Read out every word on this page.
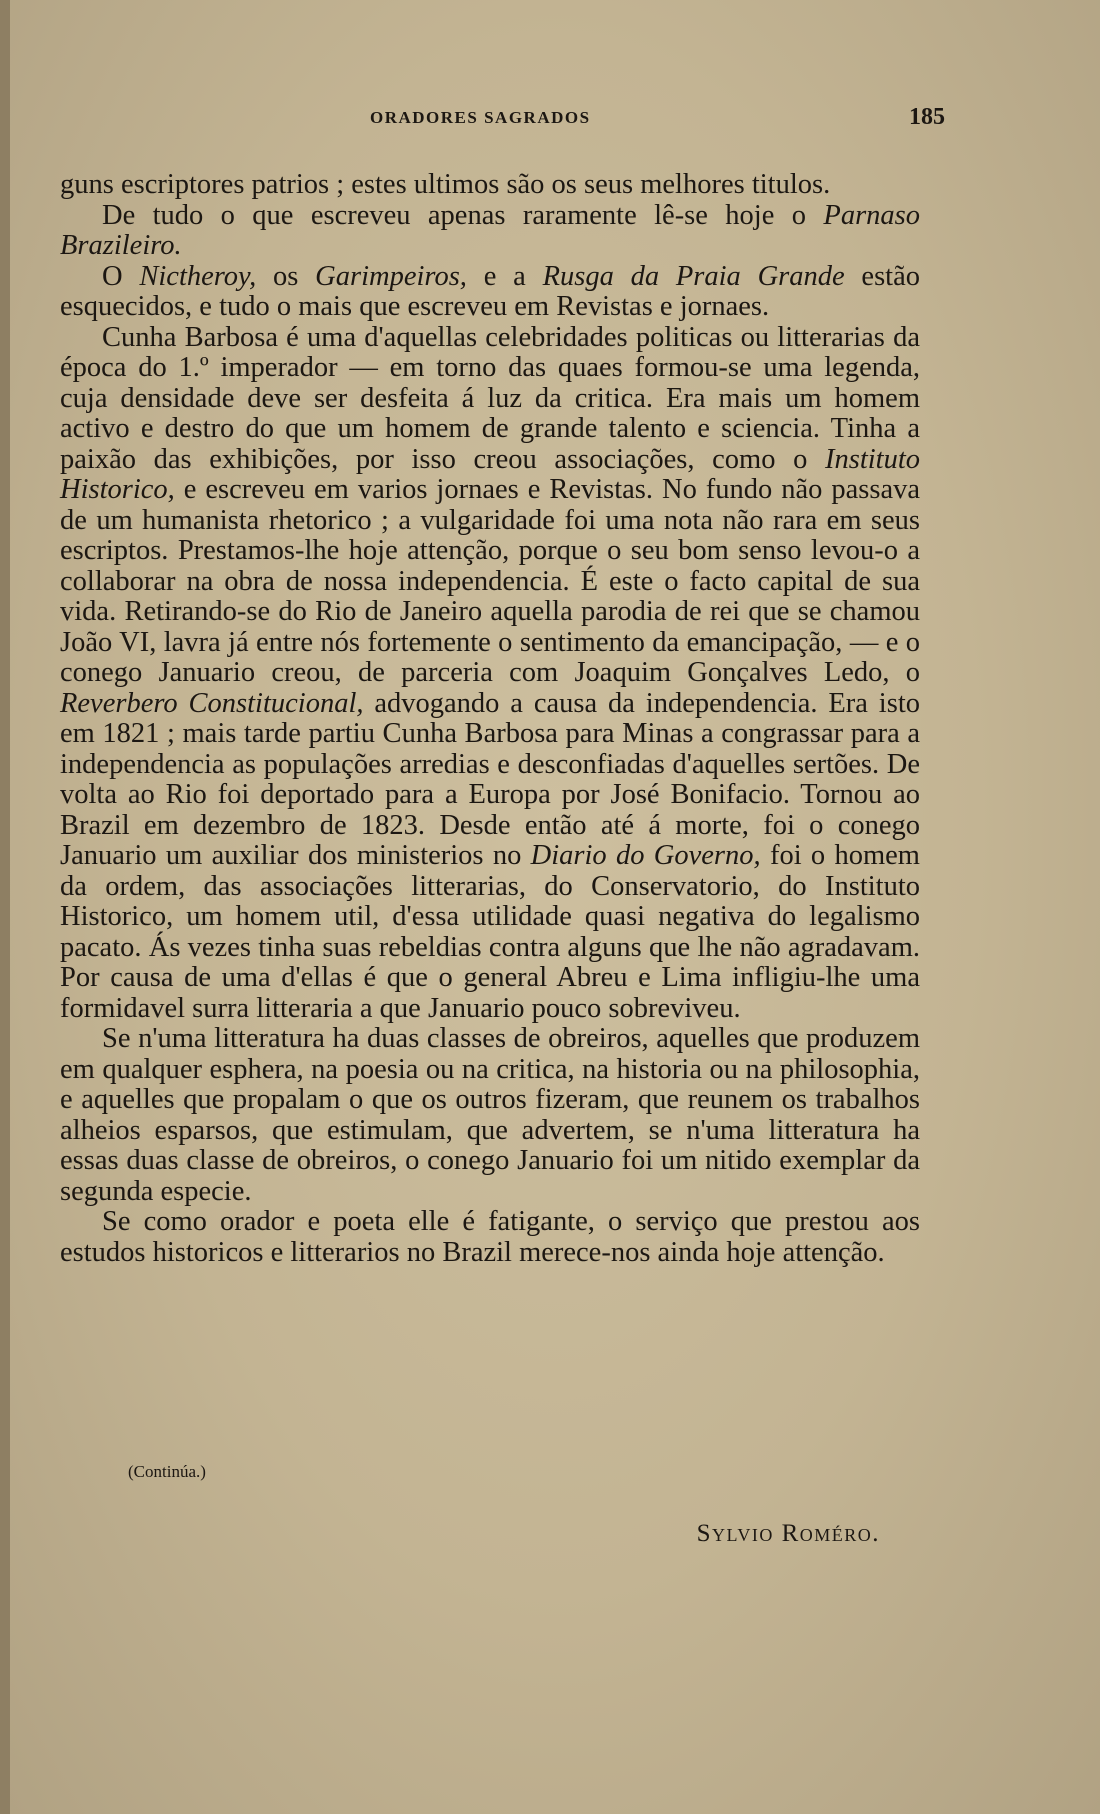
ORADORES SAGRADOS	185

guns escriptores patrios ; estes ultimos são os seus melhores titulos.

De tudo o que escreveu apenas raramente lê-se hoje o Parnaso Brazileiro.

O Nictheroy, os Garimpeiros, e a Rusga da Praia Grande estão esquecidos, e tudo o mais que escreveu em Revistas e jornaes.

Cunha Barbosa é uma d'aquellas celebridades politicas ou litterarias da época do 1.º imperador — em torno das quaes formou-se uma legenda, cuja densidade deve ser desfeita á luz da critica. Era mais um homem activo e destro do que um homem de grande talento e sciencia. Tinha a paixão das exhibições, por isso creou associações, como o Instituto Historico, e escreveu em varios jornaes e Revistas. No fundo não passava de um humanista rhetorico ; a vulgaridade foi uma nota não rara em seus escriptos. Prestamos-lhe hoje attenção, porque o seu bom senso levou-o a collaborar na obra de nossa independencia. É este o facto capital de sua vida. Retirando-se do Rio de Janeiro aquella parodia de rei que se chamou João VI, lavra já entre nós fortemente o sentimento da emancipação, — e o conego Januario creou, de parceria com Joaquim Gonçalves Ledo, o Reverbero Constitucional, advogando a causa da independencia. Era isto em 1821 ; mais tarde partiu Cunha Barbosa para Minas a congrassar para a independencia as populações arredias e desconfiadas d'aquelles sertões. De volta ao Rio foi deportado para a Europa por José Bonifacio. Tornou ao Brazil em dezembro de 1823. Desde então até á morte, foi o conego Januario um auxiliar dos ministerios no Diario do Governo, foi o homem da ordem, das associações litterarias, do Conservatorio, do Instituto Historico, um homem util, d'essa utilidade quasi negativa do legalismo pacato. Ás vezes tinha suas rebeldias contra alguns que lhe não agradavam. Por causa de uma d'ellas é que o general Abreu e Lima infligiu-lhe uma formidavel surra litteraria a que Januario pouco sobreviveu.

Se n'uma litteratura ha duas classes de obreiros, aquelles que produzem em qualquer esphera, na poesia ou na critica, na historia ou na philosophia, e aquelles que propalam o que os outros fizeram, que reunem os trabalhos alheios esparsos, que estimulam, que advertem, se n'uma litteratura ha essas duas classe de obreiros, o conego Januario foi um nitido exemplar da segunda especie.

Se como orador e poeta elle é fatigante, o serviço que prestou aos estudos historicos e litterarios no Brazil merece-nos ainda hoje attenção.

(Continúa.)
Sylvio Roméro.
